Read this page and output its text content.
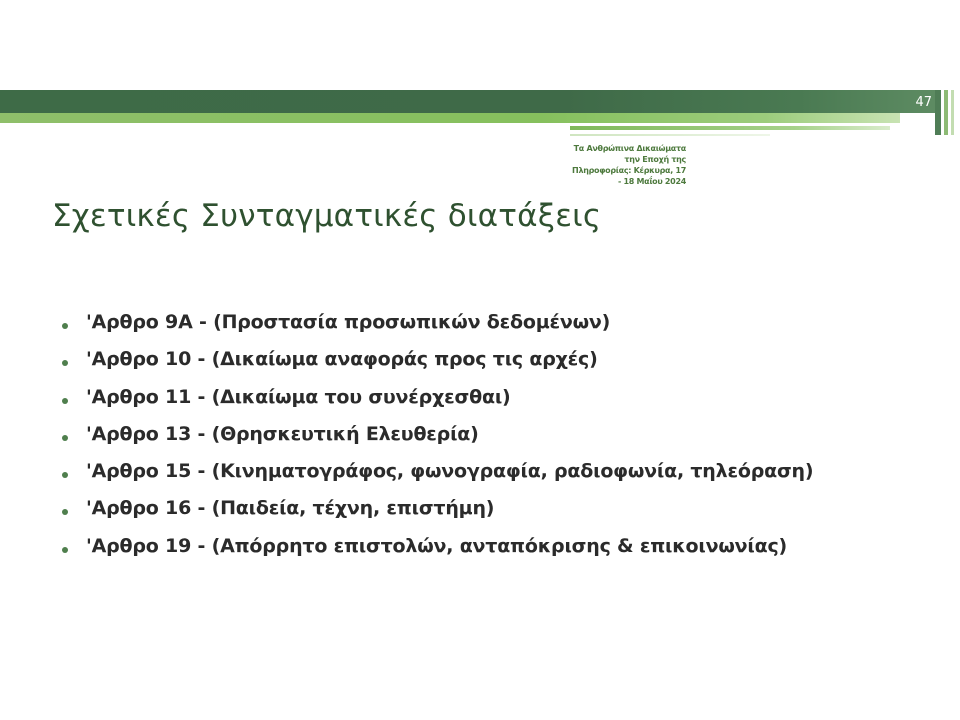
47
Τα Ανθρώπινα Δικαιώματα
την Εποχή της
Πληροφορίας: Κέρκυρα, 17
- 18 Μαΐου 2024
Σχετικές Συνταγματικές διατάξεις
'Αρθρο 9Α - (Προστασία προσωπικών δεδομένων)
'Αρθρο 10 - (Δικαίωμα αναφοράς προς τις αρχές)
'Αρθρο 11 - (Δικαίωμα του συνέρχεσθαι)
'Αρθρο 13 - (Θρησκευτική Ελευθερία)
'Αρθρο 15 - (Κινηματογράφος, φωνογραφία, ραδιοφωνία, τηλεόραση)
'Αρθρο 16 - (Παιδεία, τέχνη, επιστήμη)
'Αρθρο 19 - (Απόρρητο επιστολών, ανταπόκρισης & επικοινωνίας)
